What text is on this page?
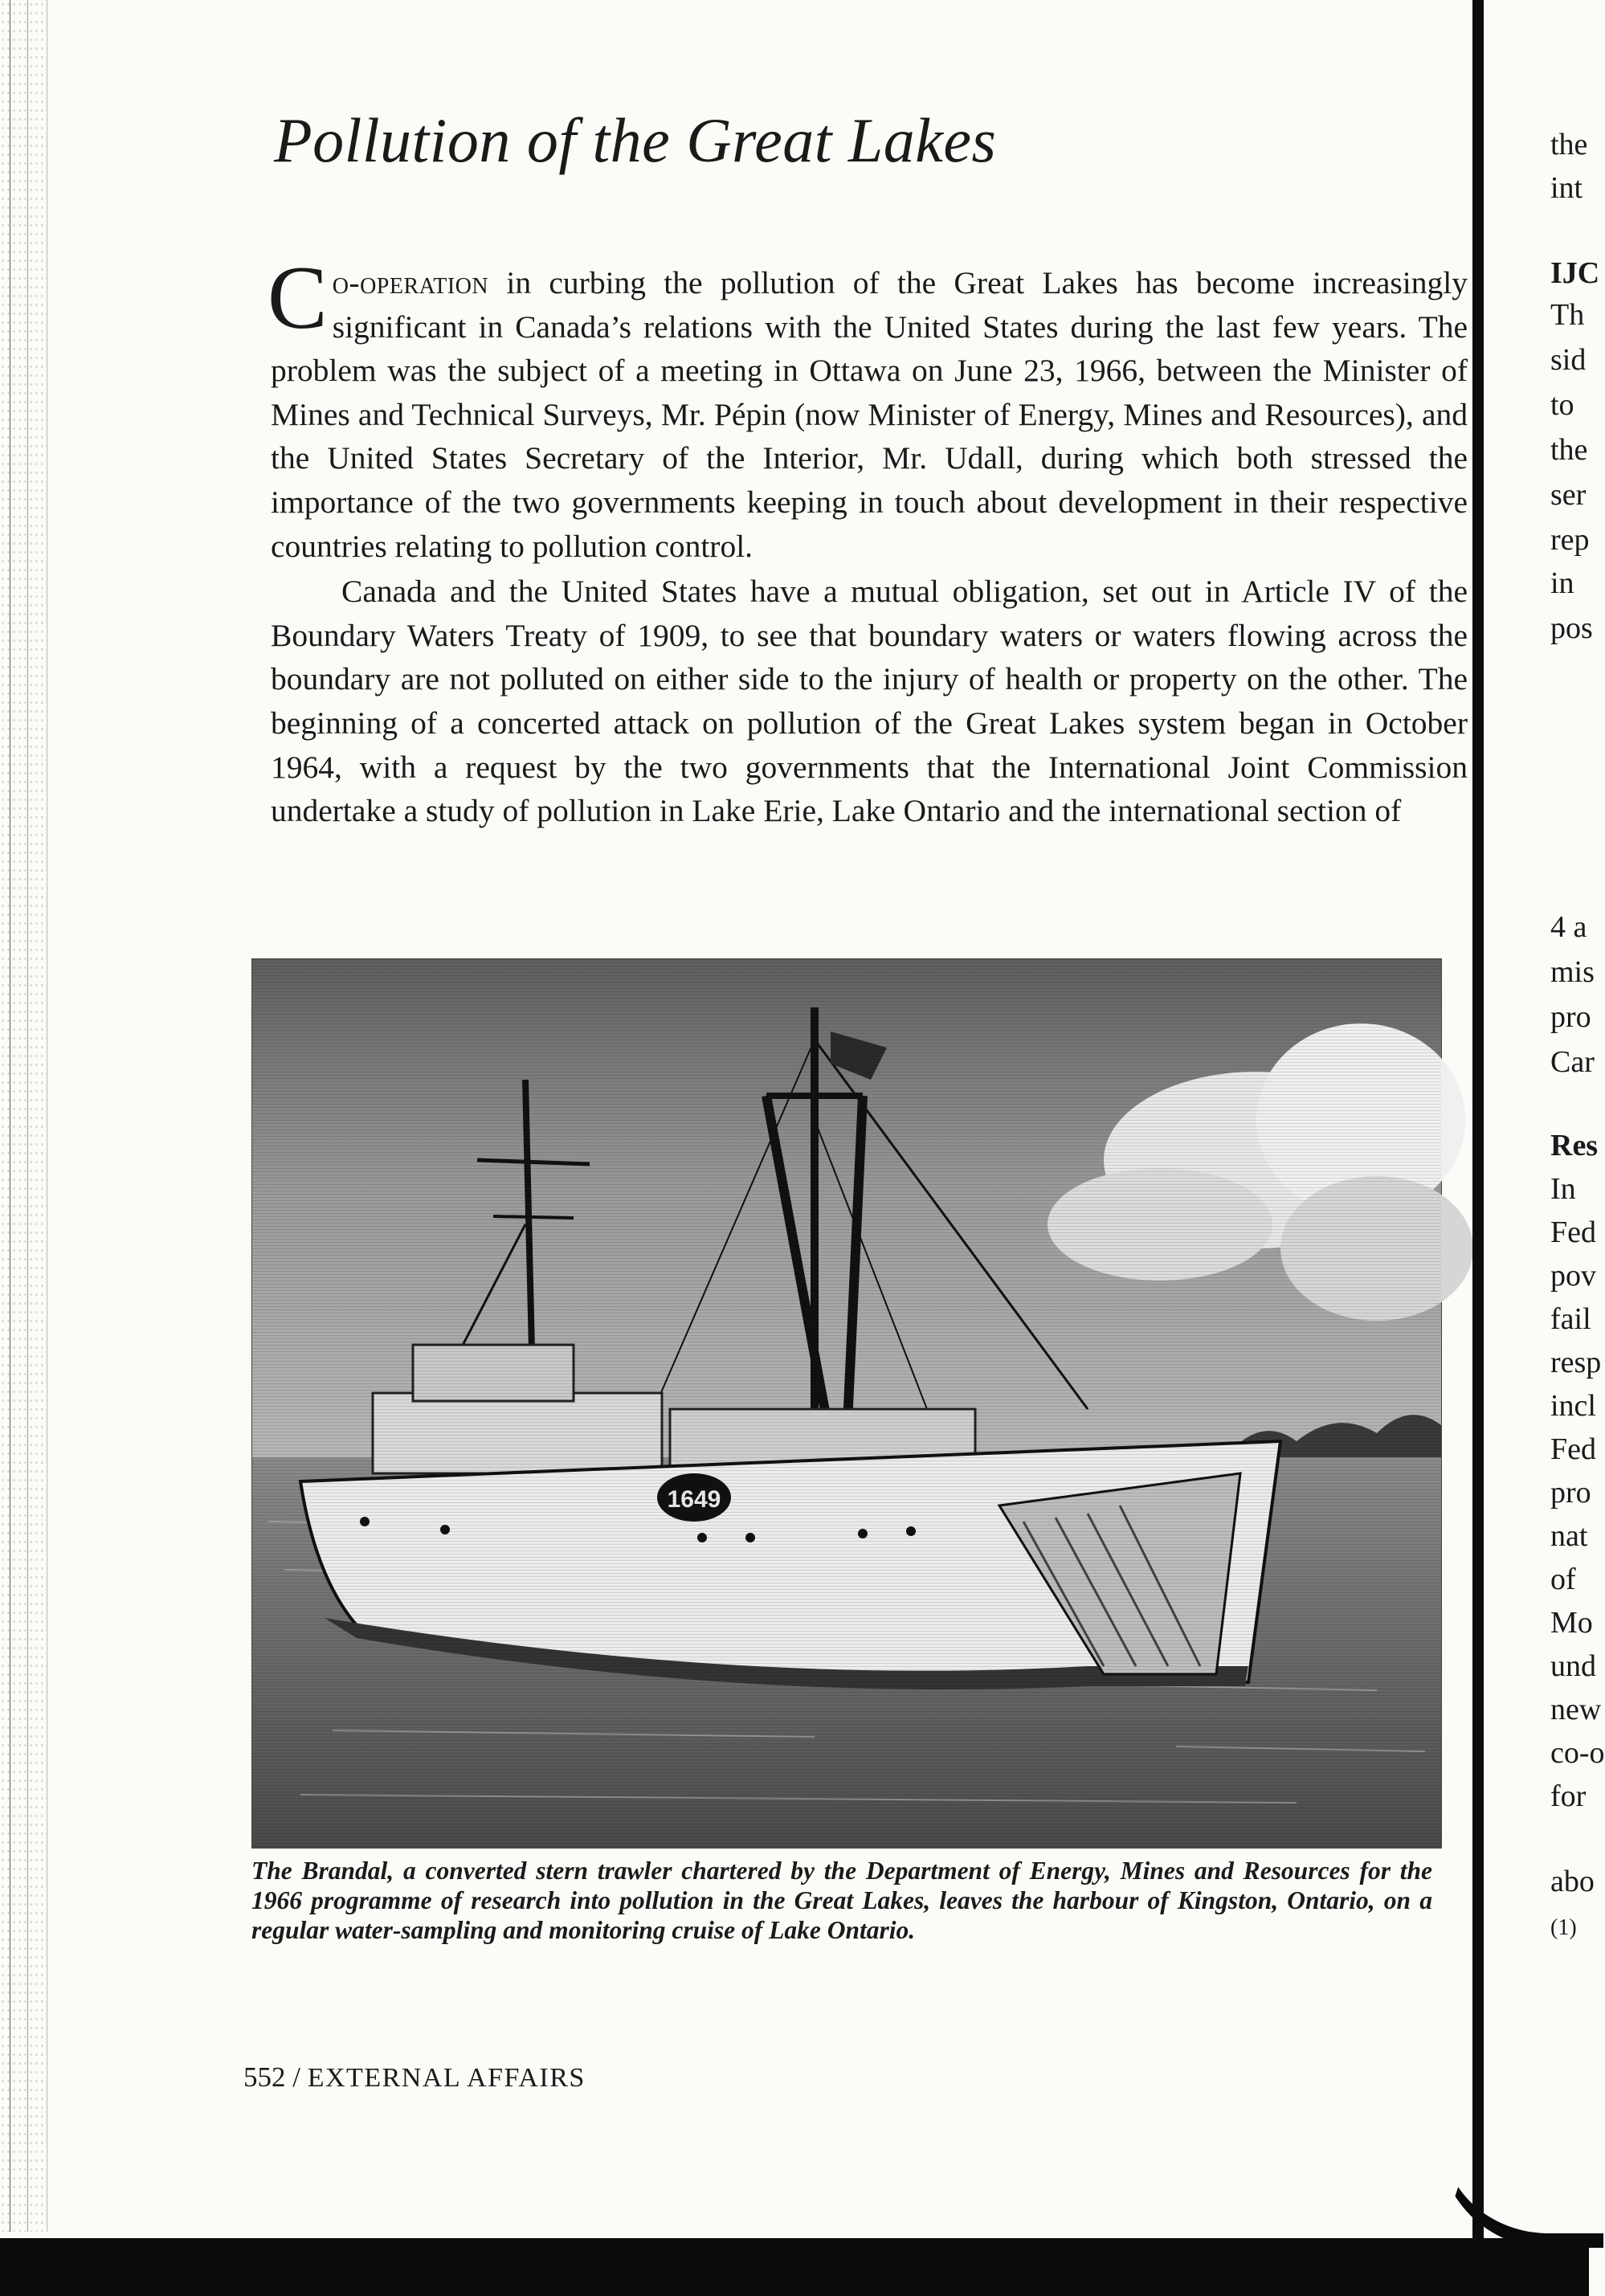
Pollution of the Great Lakes

Co-operation in curbing the pollution of the Great Lakes has become increasingly significant in Canada’s relations with the United States during the last few years. The problem was the subject of a meeting in Ottawa on June 23, 1966, between the Minister of Mines and Technical Surveys, Mr. Pépin (now Minister of Energy, Mines and Resources), and the United States Secretary of the Interior, Mr. Udall, during which both stressed the importance of the two governments keeping in touch about development in their respective countries relating to pollution control.

Canada and the United States have a mutual obligation, set out in Article IV of the Boundary Waters Treaty of 1909, to see that boundary waters or waters flowing across the boundary are not polluted on either side to the injury of health or property on the other. The beginning of a concerted attack on pollution of the Great Lakes system began in October 1964, with a request by the two governments that the International Joint Commission undertake a study of pollution in Lake Erie, Lake Ontario and the international section of

The Brandal, a converted stern trawler chartered by the Department of Energy, Mines and Resources for the 1966 programme of research into pollution in the Great Lakes, leaves the harbour of Kingston, Ontario, on a regular water-sampling and monitoring cruise of Lake Ontario.

552 / EXTERNAL AFFAIRS

the
int
IJC
Th
sid
to
the
ser
rep
in
pos
4 a
mis
pro
Car
Res
In
Fed
pov
fail
resp
incl
Fed
pro
nat
of
Mo
und
new
co-o
for
abo
(1)
